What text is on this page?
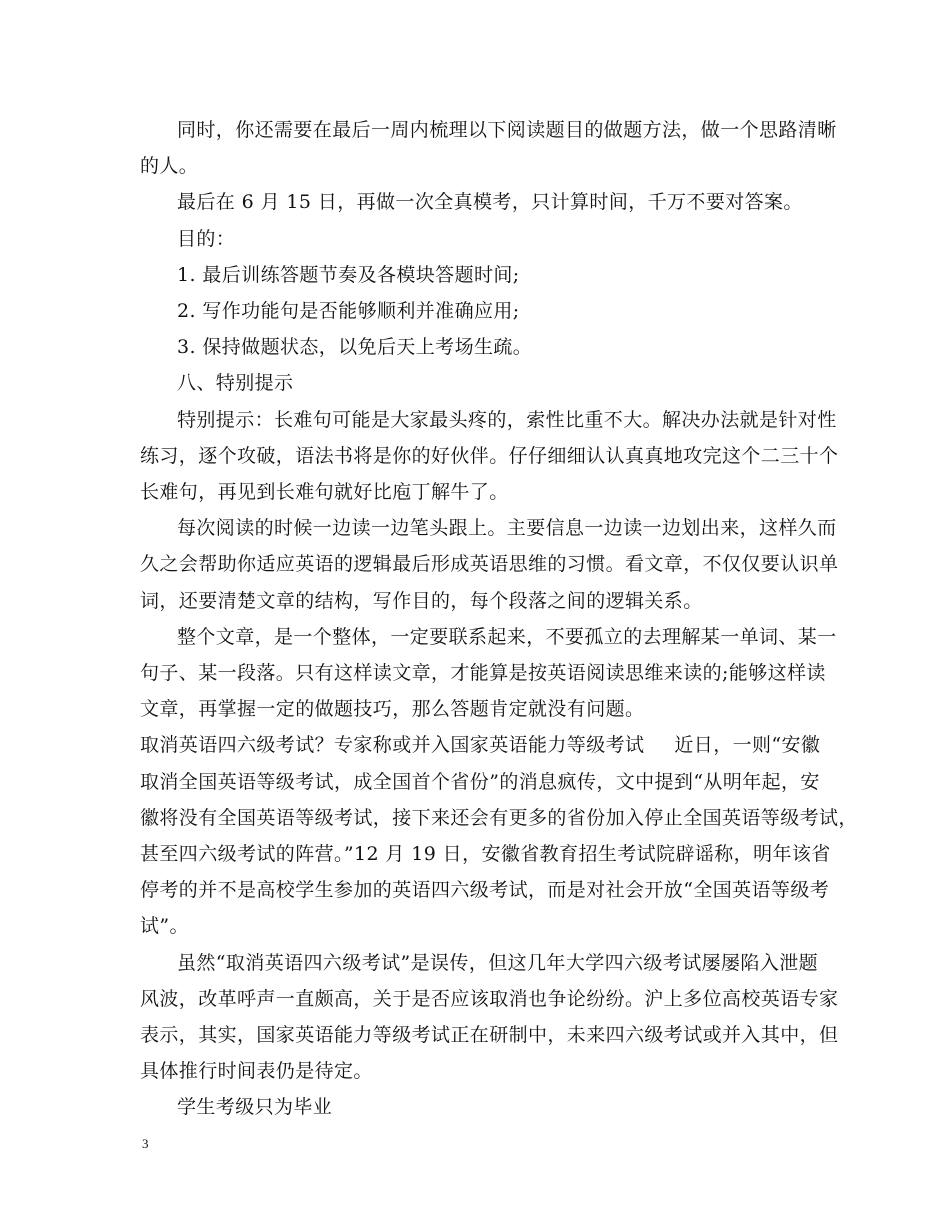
同时，你还需要在最后一周内梳理以下阅读题目的做题方法，做一个思路清晰

的人。

最后在 6 月 15 日，再做一次全真模考，只计算时间，千万不要对答案。

目的：

1. 最后训练答题节奏及各模块答题时间;

2. 写作功能句是否能够顺利并准确应用;

3. 保持做题状态，以免后天上考场生疏。

八、特别提示

特别提示：长难句可能是大家最头疼的，索性比重不大。解决办法就是针对性

练习，逐个攻破，语法书将是你的好伙伴。仔仔细细认认真真地攻完这个二三十个

长难句，再见到长难句就好比庖丁解牛了。

每次阅读的时候一边读一边笔头跟上。主要信息一边读一边划出来，这样久而

久之会帮助你适应英语的逻辑最后形成英语思维的习惯。看文章，不仅仅要认识单

词，还要清楚文章的结构，写作目的，每个段落之间的逻辑关系。

整个文章，是一个整体，一定要联系起来，不要孤立的去理解某一单词、某一

句子、某一段落。只有这样读文章，才能算是按英语阅读思维来读的;能够这样读

文章，再掌握一定的做题技巧，那么答题肯定就没有问题。

取消英语四六级考试？专家称或并入国家英语能力等级考试 近日，一则“安徽

取消全国英语等级考试，成全国首个省份”的消息疯传，文中提到“从明年起，安

徽将没有全国英语等级考试，接下来还会有更多的省份加入停止全国英语等级考试，

甚至四六级考试的阵营。”12 月 19 日，安徽省教育招生考试院辟谣称，明年该省

停考的并不是高校学生参加的英语四六级考试，而是对社会开放“全国英语等级考

试”。

虽然“取消英语四六级考试”是误传，但这几年大学四六级考试屡屡陷入泄题

风波，改革呼声一直颇高，关于是否应该取消也争论纷纷。沪上多位高校英语专家

表示，其实，国家英语能力等级考试正在研制中，未来四六级考试或并入其中，但

具体推行时间表仍是待定。

学生考级只为毕业

3
